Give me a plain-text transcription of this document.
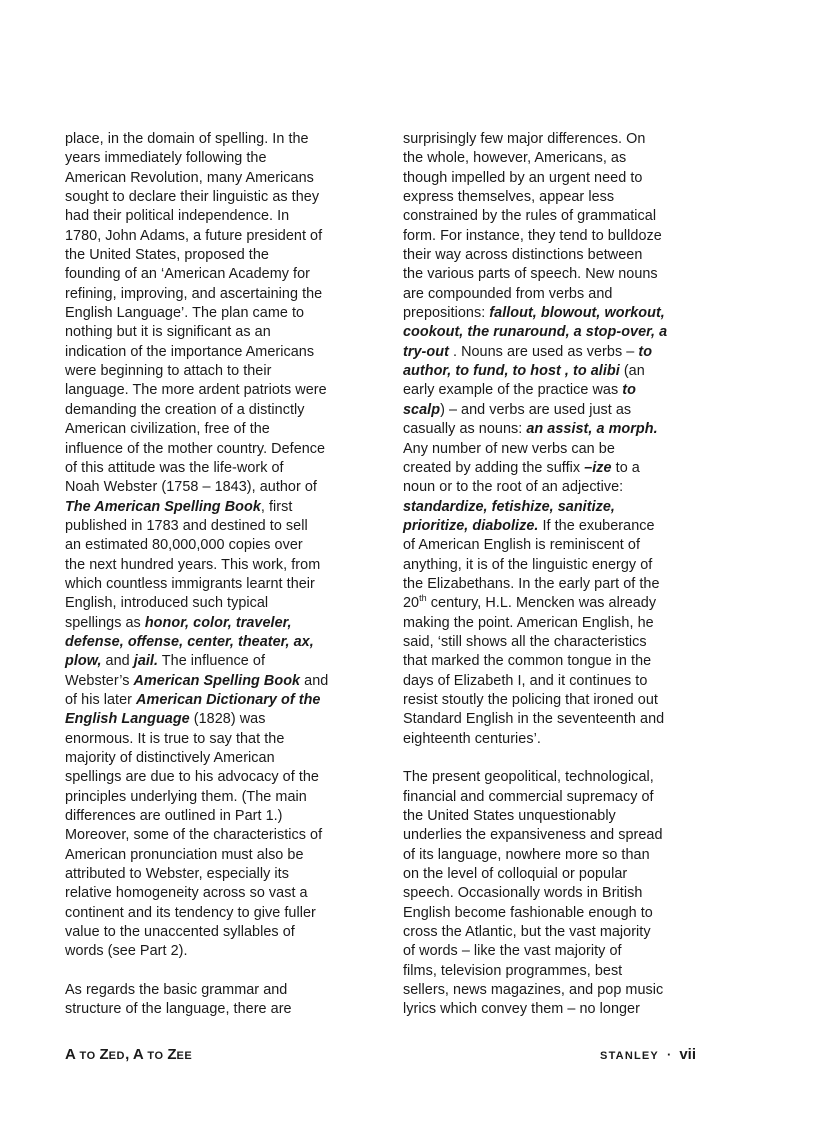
place, in the domain of spelling. In the
years immediately following the
American Revolution, many Americans
sought to declare their linguistic as they
had their political independence. In
1780, John Adams, a future president of
the United States, proposed the
founding of an ‘American Academy for
refining, improving, and ascertaining the
English Language’. The plan came to
nothing but it is significant as an
indication of the importance Americans
were beginning to attach to their
language. The more ardent patriots were
demanding the creation of a distinctly
American civilization, free of the
influence of the mother country. Defence
of this attitude was the life-work of
Noah Webster (1758 – 1843), author of
The American Spelling Book, first
published in 1783 and destined to sell
an estimated 80,000,000 copies over
the next hundred years. This work, from
which countless immigrants learnt their
English, introduced such typical
spellings as honor, color, traveler,
defense, offense, center, theater, ax,
plow, and jail. The influence of
Webster’s American Spelling Book and
of his later American Dictionary of the
English Language (1828) was
enormous. It is true to say that the
majority of distinctively American
spellings are due to his advocacy of the
principles underlying them. (The main
differences are outlined in Part 1.)
Moreover, some of the characteristics of
American pronunciation must also be
attributed to Webster, especially its
relative homogeneity across so vast a
continent and its tendency to give fuller
value to the unaccented syllables of
words (see Part 2).
As regards the basic grammar and
structure of the language, there are
surprisingly few major differences. On
the whole, however, Americans, as
though impelled by an urgent need to
express themselves, appear less
constrained by the rules of grammatical
form. For instance, they tend to bulldoze
their way across distinctions between
the various parts of speech. New nouns
are compounded from verbs and
prepositions: fallout, blowout, workout,
cookout, the runaround, a stop-over, a
try-out . Nouns are used as verbs – to
author, to fund, to host , to alibi (an
early example of the practice was to
scalp) – and verbs are used just as
casually as nouns: an assist, a morph.
Any number of new verbs can be
created by adding the suffix –ize to a
noun or to the root of an adjective:
standardize, fetishize, sanitize,
prioritize, diabolize. If the exuberance
of American English is reminiscent of
anything, it is of the linguistic energy of
the Elizabethans. In the early part of the
20th century, H.L. Mencken was already
making the point. American English, he
said, ‘still shows all the characteristics
that marked the common tongue in the
days of Elizabeth I, and it continues to
resist stoutly the policing that ironed out
Standard English in the seventeenth and
eighteenth centuries’.
The present geopolitical, technological,
financial and commercial supremacy of
the United States unquestionably
underlies the expansiveness and spread
of its language, nowhere more so than
on the level of colloquial or popular
speech. Occasionally words in British
English become fashionable enough to
cross the Atlantic, but the vast majority
of words – like the vast majority of
films, television programmes, best
sellers, news magazines, and pop music
lyrics which convey them – no longer
A TO ZED, A TO ZEE	STANLEY · vii
